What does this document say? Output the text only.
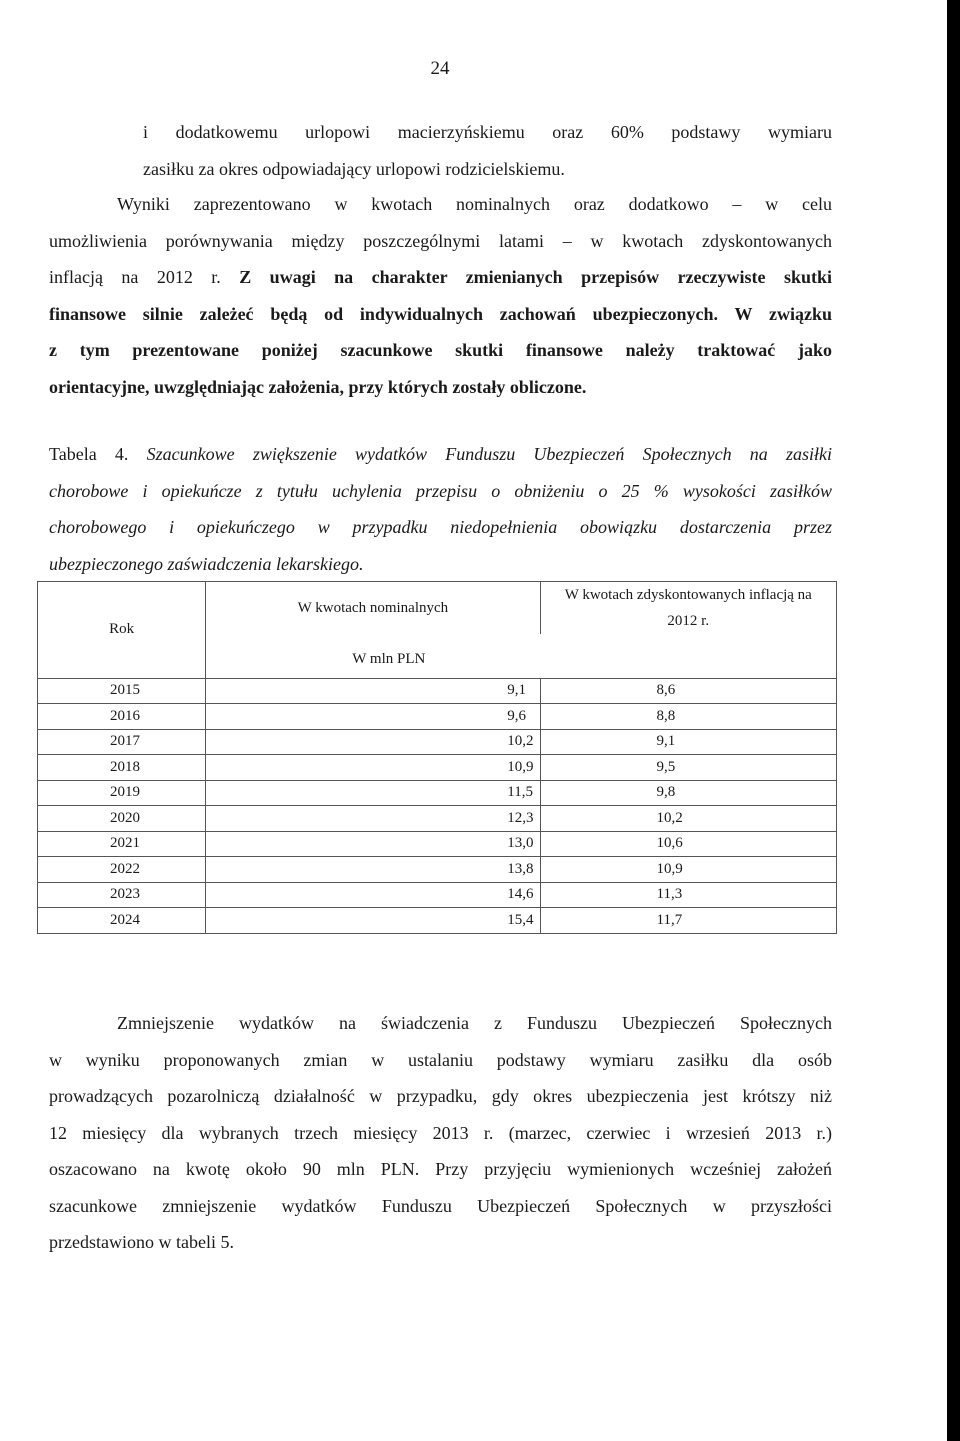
24
i dodatkowemu urlopowi macierzyńskiemu oraz 60% podstawy wymiaru
zasiłku za okres odpowiadający urlopowi rodzicielskiemu.
Wyniki zaprezentowano w kwotach nominalnych oraz dodatkowo – w celu
umożliwienia porównywania między poszczególnymi latami – w kwotach zdyskontowanych
inflacją na 2012 r. Z uwagi na charakter zmienianych przepisów rzeczywiste skutki
finansowe silnie zależeć będą od indywidualnych zachowań ubezpieczonych. W związku
z tym prezentowane poniżej szacunkowe skutki finansowe należy traktować jako
orientacyjne, uwzględniając założenia, przy których zostały obliczone.
Tabela 4. Szacunkowe zwiększenie wydatków Funduszu Ubezpieczeń Społecznych na zasiłki
chorobowe i opiekuńcze z tytułu uchylenia przepisu o obniżeniu o 25 % wysokości zasiłków
chorobowego i opiekuńczego w przypadku niedopełnienia obowiązku dostarczenia przez
ubezpieczonego zaświadczenia lekarskiego.
Rok	W kwotach nominalnych	W kwotach zdyskontowanych inflacją na
2012 r.

	W mln PLN	
2015	9,1	8,6
2016	9,6	8,8
2017	10,2	9,1
2018	10,9	9,5
2019	11,5	9,8
2020	12,3	10,2
2021	13,0	10,6
2022	13,8	10,9
2023	14,6	11,3
2024	15,4	11,7
Zmniejszenie wydatków na świadczenia z Funduszu Ubezpieczeń Społecznych
w wyniku proponowanych zmian w ustalaniu podstawy wymiaru zasiłku dla osób
prowadzących pozarolniczą działalność w przypadku, gdy okres ubezpieczenia jest krótszy niż
12 miesięcy dla wybranych trzech miesięcy 2013 r. (marzec, czerwiec i wrzesień 2013 r.)
oszacowano na kwotę około 90 mln PLN. Przy przyjęciu wymienionych wcześniej założeń
szacunkowe zmniejszenie wydatków Funduszu Ubezpieczeń Społecznych w przyszłości
przedstawiono w tabeli 5.
